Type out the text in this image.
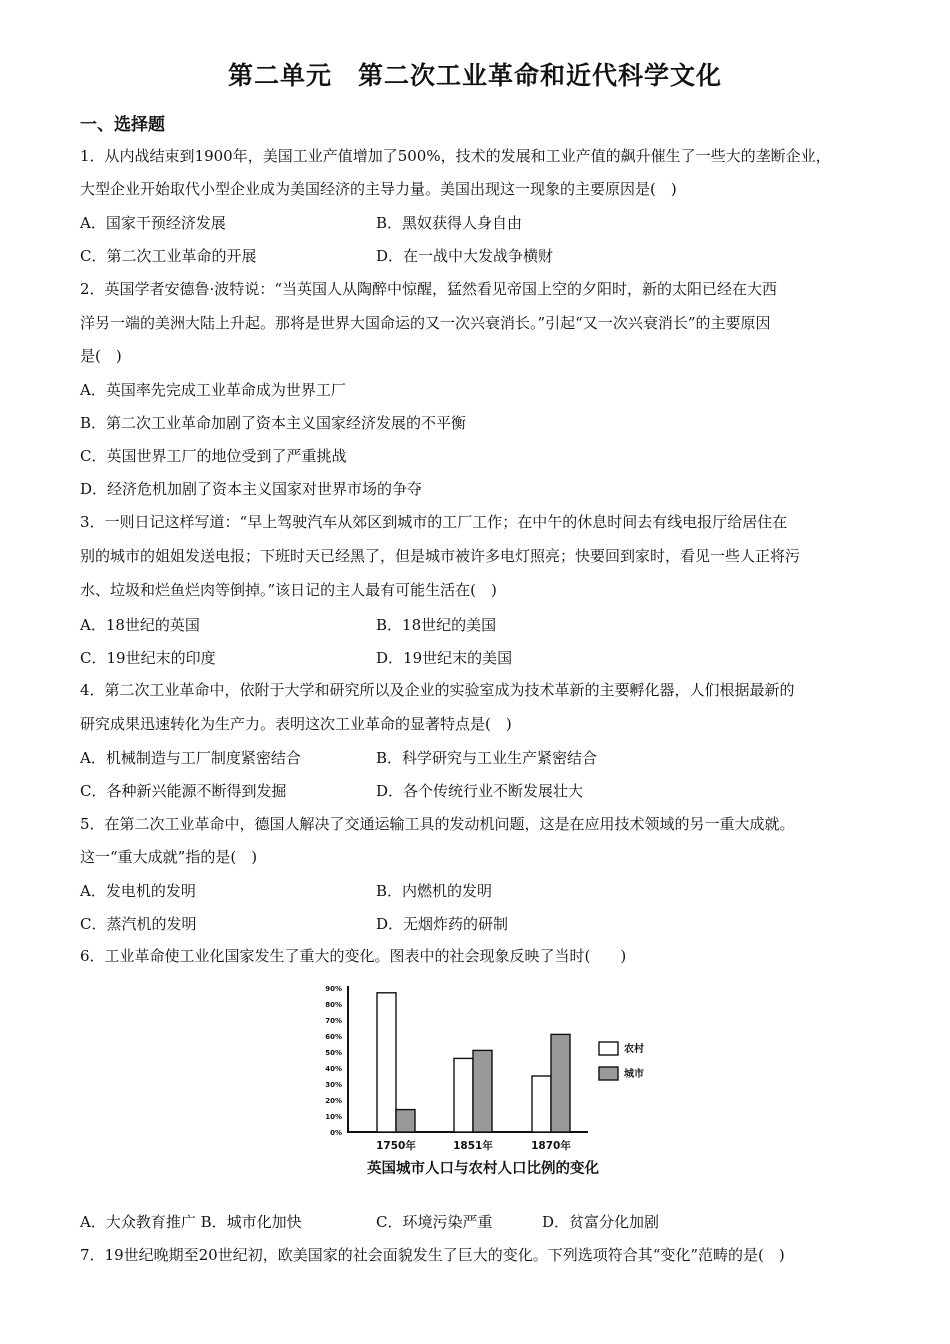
第二单元　第二次工业革命和近代科学文化
一、选择题
1．从内战结束到1900年，美国工业产值增加了500%，技术的发展和工业产值的飙升催生了一些大的垄断企业，
大型企业开始取代小型企业成为美国经济的主导力量。美国出现这一现象的主要原因是(　)
A．国家干预经济发展	B．黑奴获得人身自由
C．第二次工业革命的开展	D．在一战中大发战争横财
2．英国学者安德鲁·波特说：“当英国人从陶醉中惊醒，猛然看见帝国上空的夕阳时，新的太阳已经在大西
洋另一端的美洲大陆上升起。那将是世界大国命运的又一次兴衰消长。”引起“又一次兴衰消长”的主要原因
是(　)
A．英国率先完成工业革命成为世界工厂
B．第二次工业革命加剧了资本主义国家经济发展的不平衡
C．英国世界工厂的地位受到了严重挑战
D．经济危机加剧了资本主义国家对世界市场的争夺
3．一则日记这样写道：“早上驾驶汽车从郊区到城市的工厂工作；在中午的休息时间去有线电报厅给居住在
别的城市的姐姐发送电报；下班时天已经黑了，但是城市被许多电灯照亮；快要回到家时，看见一些人正将污
水、垃圾和烂鱼烂肉等倒掉。”该日记的主人最有可能生活在(　)
A．18世纪的英国	B．18世纪的美国
C．19世纪末的印度	D．19世纪末的美国
4．第二次工业革命中，依附于大学和研究所以及企业的实验室成为技术革新的主要孵化器，人们根据最新的
研究成果迅速转化为生产力。表明这次工业革命的显著特点是(　)
A．机械制造与工厂制度紧密结合	B．科学研究与工业生产紧密结合
C．各种新兴能源不断得到发掘	D．各个传统行业不断发展壮大
5．在第二次工业革命中，德国人解决了交通运输工具的发动机问题，这是在应用技术领域的另一重大成就。
这一“重大成就”指的是(　)
A．发电机的发明	B．内燃机的发明
C．蒸汽机的发明	D．无烟炸药的研制
6．工业革命使工业化国家发生了重大的变化。图表中的社会现象反映了当时(　　)
0%
10%
20%
30%
40%
50%
60%
70%
80%
90%
1750年	1851年	1870年
农村
城市
英国城市人口与农村人口比例的变化
A．大众教育推广 B．城市化加快	C．环境污染严重	D．贫富分化加剧
7．19世纪晚期至20世纪初，欧美国家的社会面貌发生了巨大的变化。下列选项符合其“变化”范畴的是(　)
